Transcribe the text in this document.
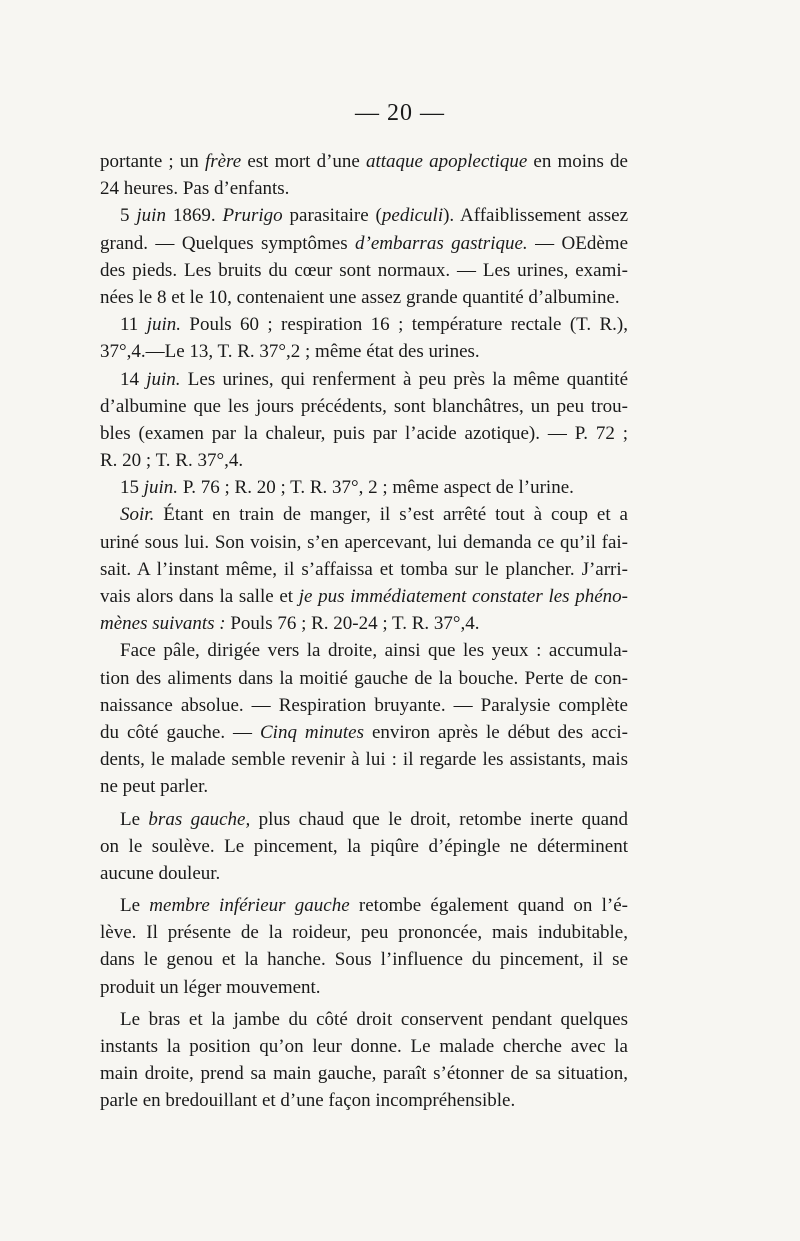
— 20 —
portante ; un frère est mort d’une attaque apoplectique en moins de
24 heures. Pas d’enfants.
5 juin 1869. Prurigo parasitaire (pediculi). Affaiblissement assez
grand. — Quelques symptômes d’embarras gastrique. — OEdème
des pieds. Les bruits du cœur sont normaux. — Les urines, exami-
nées le 8 et le 10, contenaient une assez grande quantité d’albumine.
11 juin. Pouls 60 ; respiration 16 ; température rectale (T. R.),
37°,4.—Le 13, T. R. 37°,2 ; même état des urines.
14 juin. Les urines, qui renferment à peu près la même quantité
d’albumine que les jours précédents, sont blanchâtres, un peu trou-
bles (examen par la chaleur, puis par l’acide azotique). — P. 72 ;
R. 20 ; T. R. 37°,4.
15 juin. P. 76 ; R. 20 ; T. R. 37°, 2 ; même aspect de l’urine.
Soir. Étant en train de manger, il s’est arrêté tout à coup et a
uriné sous lui. Son voisin, s’en apercevant, lui demanda ce qu’il fai-
sait. A l’instant même, il s’affaissa et tomba sur le plancher. J’arri-
vais alors dans la salle et je pus immédiatement constater les phéno-
mènes suivants : Pouls 76 ; R. 20-24 ; T. R. 37°,4.
Face pâle, dirigée vers la droite, ainsi que les yeux : accumula-
tion des aliments dans la moitié gauche de la bouche. Perte de con-
naissance absolue. — Respiration bruyante. — Paralysie complète
du côté gauche. — Cinq minutes environ après le début des acci-
dents, le malade semble revenir à lui : il regarde les assistants, mais
ne peut parler.
Le bras gauche, plus chaud que le droit, retombe inerte quand
on le soulève. Le pincement, la piqûre d’épingle ne déterminent
aucune douleur.
Le membre inférieur gauche retombe également quand on l’é-
lève. Il présente de la roideur, peu prononcée, mais indubitable,
dans le genou et la hanche. Sous l’influence du pincement, il se
produit un léger mouvement.
Le bras et la jambe du côté droit conservent pendant quelques
instants la position qu’on leur donne. Le malade cherche avec la
main droite, prend sa main gauche, paraît s’étonner de sa situation,
parle en bredouillant et d’une façon incompréhensible.
